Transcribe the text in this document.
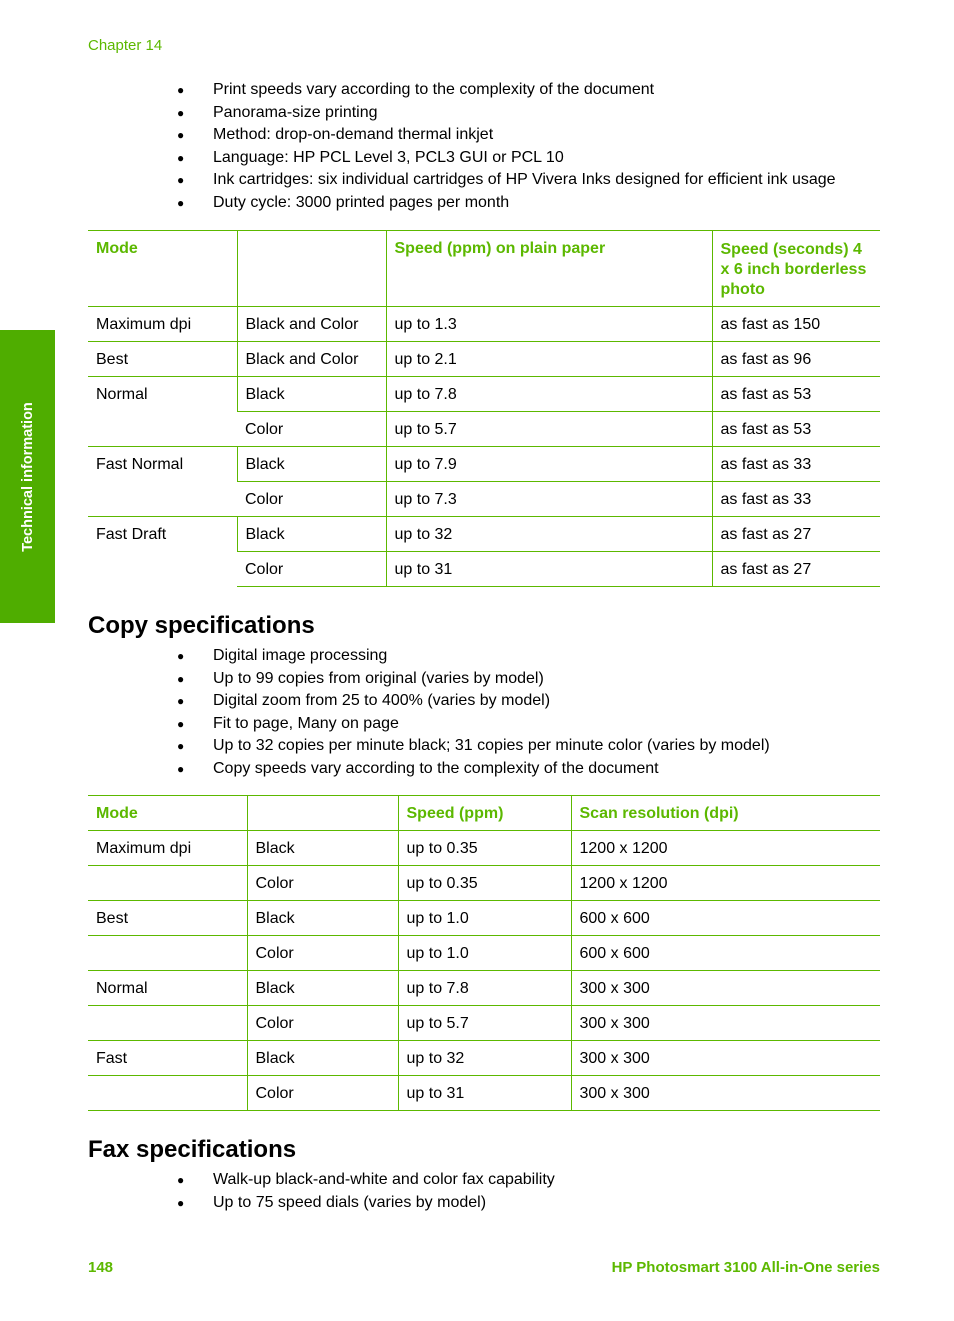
Chapter 14
Technical information
● Print speeds vary according to the complexity of the document
● Panorama-size printing
● Method: drop-on-demand thermal inkjet
● Language: HP PCL Level 3, PCL3 GUI or PCL 10
● Ink cartridges: six individual cartridges of HP Vivera Inks designed for efficient ink usage
● Duty cycle: 3000 printed pages per month
Mode		Speed (ppm) on plain paper	Speed (seconds) 4 x 6 inch borderless photo
Maximum dpi	Black and Color	up to 1.3	as fast as 150
Best	Black and Color	up to 2.1	as fast as 96
Normal	Black	up to 7.8	as fast as 53
	Color	up to 5.7	as fast as 53
Fast Normal	Black	up to 7.9	as fast as 33
	Color	up to 7.3	as fast as 33
Fast Draft	Black	up to 32	as fast as 27
	Color	up to 31	as fast as 27
Copy specifications
● Digital image processing
● Up to 99 copies from original (varies by model)
● Digital zoom from 25 to 400% (varies by model)
● Fit to page, Many on page
● Up to 32 copies per minute black; 31 copies per minute color (varies by model)
● Copy speeds vary according to the complexity of the document
Mode		Speed (ppm)	Scan resolution (dpi)
Maximum dpi	Black	up to 0.35	1200 x 1200
	Color	up to 0.35	1200 x 1200
Best	Black	up to 1.0	600 x 600
	Color	up to 1.0	600 x 600
Normal	Black	up to 7.8	300 x 300
	Color	up to 5.7	300 x 300
Fast	Black	up to 32	300 x 300
	Color	up to 31	300 x 300
Fax specifications
● Walk-up black-and-white and color fax capability
● Up to 75 speed dials (varies by model)
148	HP Photosmart 3100 All-in-One series
